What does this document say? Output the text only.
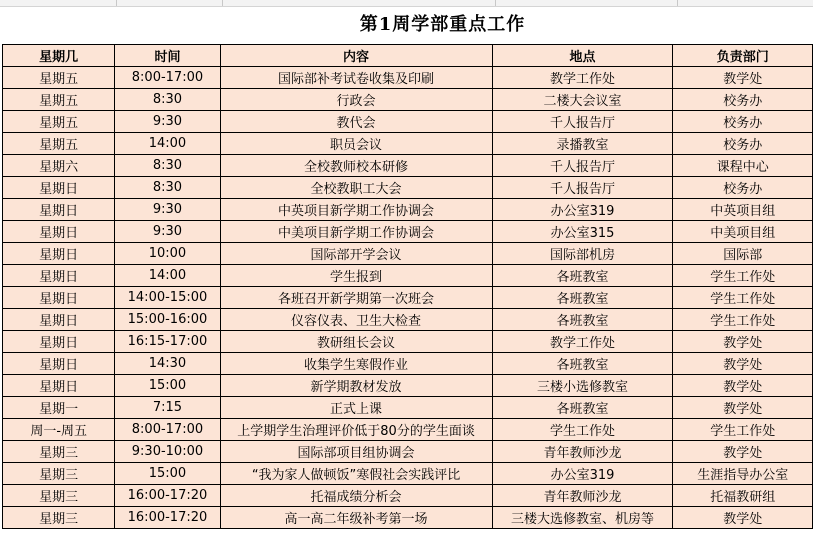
第1周学部重点工作
星期几	时间	内容	地点	负责部门
星期五	8:00-17:00	国际部补考试卷收集及印刷	教学工作处	教学处
星期五	8:30	行政会	二楼大会议室	校务办
星期五	9:30	教代会	千人报告厅	校务办
星期五	14:00	职员会议	录播教室	校务办
星期六	8:30	全校教师校本研修	千人报告厅	课程中心
星期日	8:30	全校教职工大会	千人报告厅	校务办
星期日	9:30	中英项目新学期工作协调会	办公室319	中英项目组
星期日	9:30	中美项目新学期工作协调会	办公室315	中美项目组
星期日	10:00	国际部开学会议	国际部机房	国际部
星期日	14:00	学生报到	各班教室	学生工作处
星期日	14:00-15:00	各班召开新学期第一次班会	各班教室	学生工作处
星期日	15:00-16:00	仪容仪表、卫生大检查	各班教室	学生工作处
星期日	16:15-17:00	教研组长会议	教学工作处	教学处
星期日	14:30	收集学生寒假作业	各班教室	教学处
星期日	15:00	新学期教材发放	三楼小选修教室	教学处
星期一	7:15	正式上课	各班教室	教学处
周一-周五	8:00-17:00	上学期学生治理评价低于80分的学生面谈	学生工作处	学生工作处
星期三	9:30-10:00	国际部项目组协调会	青年教师沙龙	教学处
星期三	15:00	“我为家人做顿饭”寒假社会实践评比	办公室319	生涯指导办公室
星期三	16:00-17:20	托福成绩分析会	青年教师沙龙	托福教研组
星期三	16:00-17:20	高一高二年级补考第一场	三楼大选修教室、机房等	教学处
